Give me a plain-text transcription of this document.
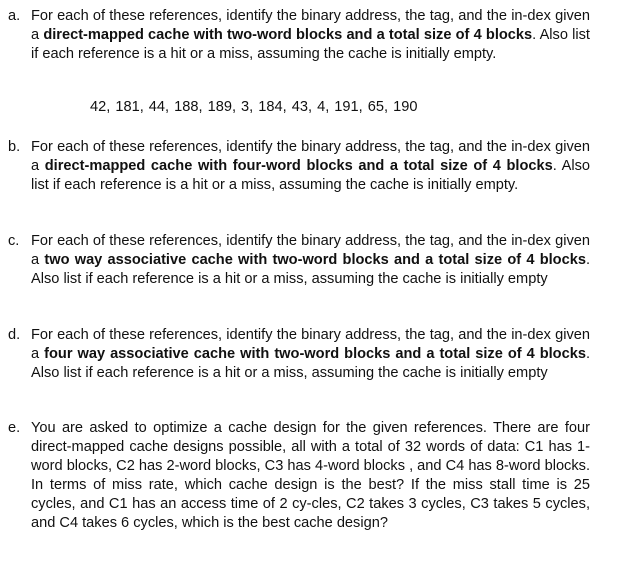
a. For each of these references, identify the binary address, the tag, and the in-dex given a direct-mapped cache with two-word blocks and a total size of 4 blocks. Also list if each reference is a hit or a miss, assuming the cache is initially empty.
42, 181, 44, 188, 189, 3, 184, 43, 4, 191, 65, 190
b. For each of these references, identify the binary address, the tag, and the in-dex given a direct-mapped cache with four-word blocks and a total size of 4 blocks. Also list if each reference is a hit or a miss, assuming the cache is initially empty.
c. For each of these references, identify the binary address, the tag, and the in-dex given a two way associative cache with two-word blocks and a total size of 4 blocks. Also list if each reference is a hit or a miss, assuming the cache is initially empty
d. For each of these references, identify the binary address, the tag, and the in-dex given a four way associative cache with two-word blocks and a total size of 4 blocks. Also list if each reference is a hit or a miss, assuming the cache is initially empty
e. You are asked to optimize a cache design for the given references. There are four direct-mapped cache designs possible, all with a total of 32 words of data: C1 has 1-word blocks, C2 has 2-word blocks, C3 has 4-word blocks , and C4 has 8-word blocks. In terms of miss rate, which cache design is the best? If the miss stall time is 25 cycles, and C1 has an access time of 2 cy-cles, C2 takes 3 cycles, C3 takes 5 cycles, and C4 takes 6 cycles, which is the best cache design?
